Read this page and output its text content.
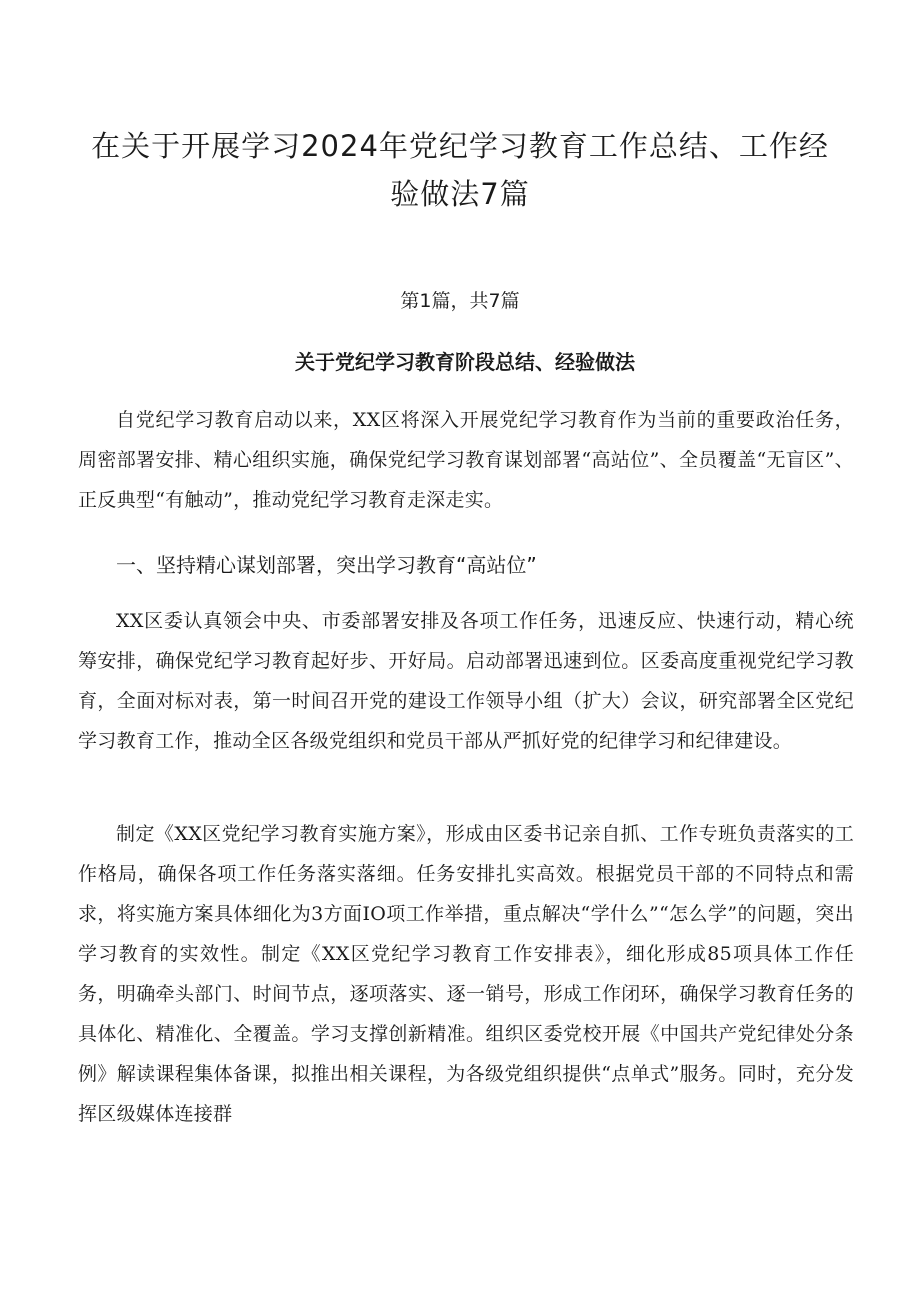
在关于开展学习2024年党纪学习教育工作总结、工作经验做法7篇

第1篇，共7篇

关于党纪学习教育阶段总结、经验做法

自党纪学习教育启动以来，XX区将深入开展党纪学习教育作为当前的重要政治任务，周密部署安排、精心组织实施，确保党纪学习教育谋划部署“高站位”、全员覆盖“无盲区”、正反典型“有触动”，推动党纪学习教育走深走实。

一、坚持精心谋划部署，突出学习教育“高站位”

XX区委认真领会中央、市委部署安排及各项工作任务，迅速反应、快速行动，精心统筹安排，确保党纪学习教育起好步、开好局。启动部署迅速到位。区委高度重视党纪学习教育，全面对标对表，第一时间召开党的建设工作领导小组（扩大）会议，研究部署全区党纪学习教育工作，推动全区各级党组织和党员干部从严抓好党的纪律学习和纪律建设。

制定《XX区党纪学习教育实施方案》，形成由区委书记亲自抓、工作专班负责落实的工作格局，确保各项工作任务落实落细。任务安排扎实高效。根据党员干部的不同特点和需求，将实施方案具体细化为3方面IO项工作举措，重点解决“学什么”“怎么学”的问题，突出学习教育的实效性。制定《XX区党纪学习教育工作安排表》，细化形成85项具体工作任务，明确牵头部门、时间节点，逐项落实、逐一销号，形成工作闭环，确保学习教育任务的具体化、精准化、全覆盖。学习支撑创新精准。组织区委党校开展《中国共产党纪律处分条例》解读课程集体备课，拟推出相关课程，为各级党组织提供“点单式”服务。同时，充分发挥区级媒体连接群
